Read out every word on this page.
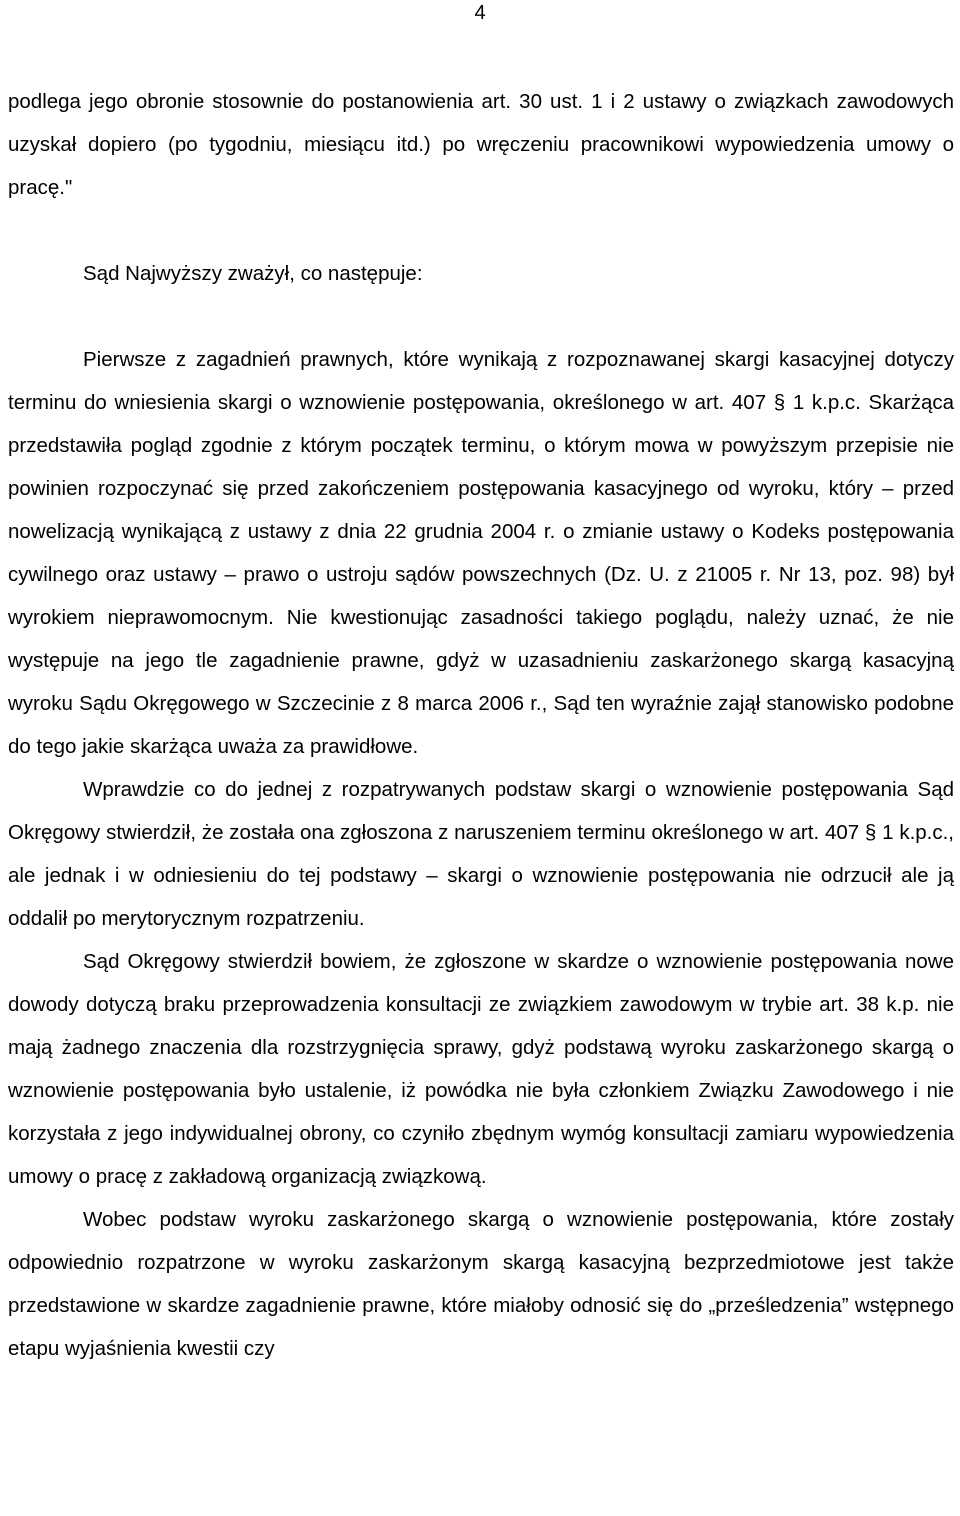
4

podlega jego obronie stosownie do postanowienia art. 30 ust. 1 i 2 ustawy o związkach zawodowych uzyskał dopiero (po tygodniu, miesiącu itd.) po wręczeniu pracownikowi wypowiedzenia umowy o pracę."

Sąd Najwyższy zważył, co następuje:

Pierwsze z zagadnień prawnych, które wynikają z rozpoznawanej skargi kasacyjnej dotyczy terminu do wniesienia skargi o wznowienie postępowania, określonego w art. 407 § 1 k.p.c. Skarżąca przedstawiła pogląd zgodnie z którym początek terminu, o którym mowa w powyższym przepisie nie powinien rozpoczynać się przed zakończeniem postępowania kasacyjnego od wyroku, który – przed nowelizacją wynikającą z ustawy z dnia 22 grudnia 2004 r. o zmianie ustawy o Kodeks postępowania cywilnego oraz ustawy – prawo o ustroju sądów powszechnych (Dz. U. z 21005 r. Nr 13, poz. 98) był wyrokiem nieprawomocnym. Nie kwestionując zasadności takiego poglądu, należy uznać, że nie występuje na jego tle zagadnienie prawne, gdyż w uzasadnieniu zaskarżonego skargą kasacyjną wyroku Sądu Okręgowego w Szczecinie z 8 marca 2006 r., Sąd ten wyraźnie zajął stanowisko podobne do tego jakie skarżąca uważa za prawidłowe.

Wprawdzie co do jednej z rozpatrywanych podstaw skargi o wznowienie postępowania Sąd Okręgowy stwierdził, że została ona zgłoszona z naruszeniem terminu określonego w art. 407 § 1 k.p.c., ale jednak i w odniesieniu do tej podstawy – skargi o wznowienie postępowania nie odrzucił ale ją oddalił po merytorycznym rozpatrzeniu.

Sąd Okręgowy stwierdził bowiem, że zgłoszone w skardze o wznowienie postępowania nowe dowody dotyczą braku przeprowadzenia konsultacji ze związkiem zawodowym w trybie art. 38 k.p. nie mają żadnego znaczenia dla rozstrzygnięcia sprawy, gdyż podstawą wyroku zaskarżonego skargą o wznowienie postępowania było ustalenie, iż powódka nie była członkiem Związku Zawodowego i nie korzystała z jego indywidualnej obrony, co czyniło zbędnym wymóg konsultacji zamiaru wypowiedzenia umowy o pracę z zakładową organizacją związkową.

Wobec podstaw wyroku zaskarżonego skargą o wznowienie postępowania, które zostały odpowiednio rozpatrzone w wyroku zaskarżonym skargą kasacyjną bezprzedmiotowe jest także przedstawione w skardze zagadnienie prawne, które miałoby odnosić się do „prześledzenia” wstępnego etapu wyjaśnienia kwestii czy
